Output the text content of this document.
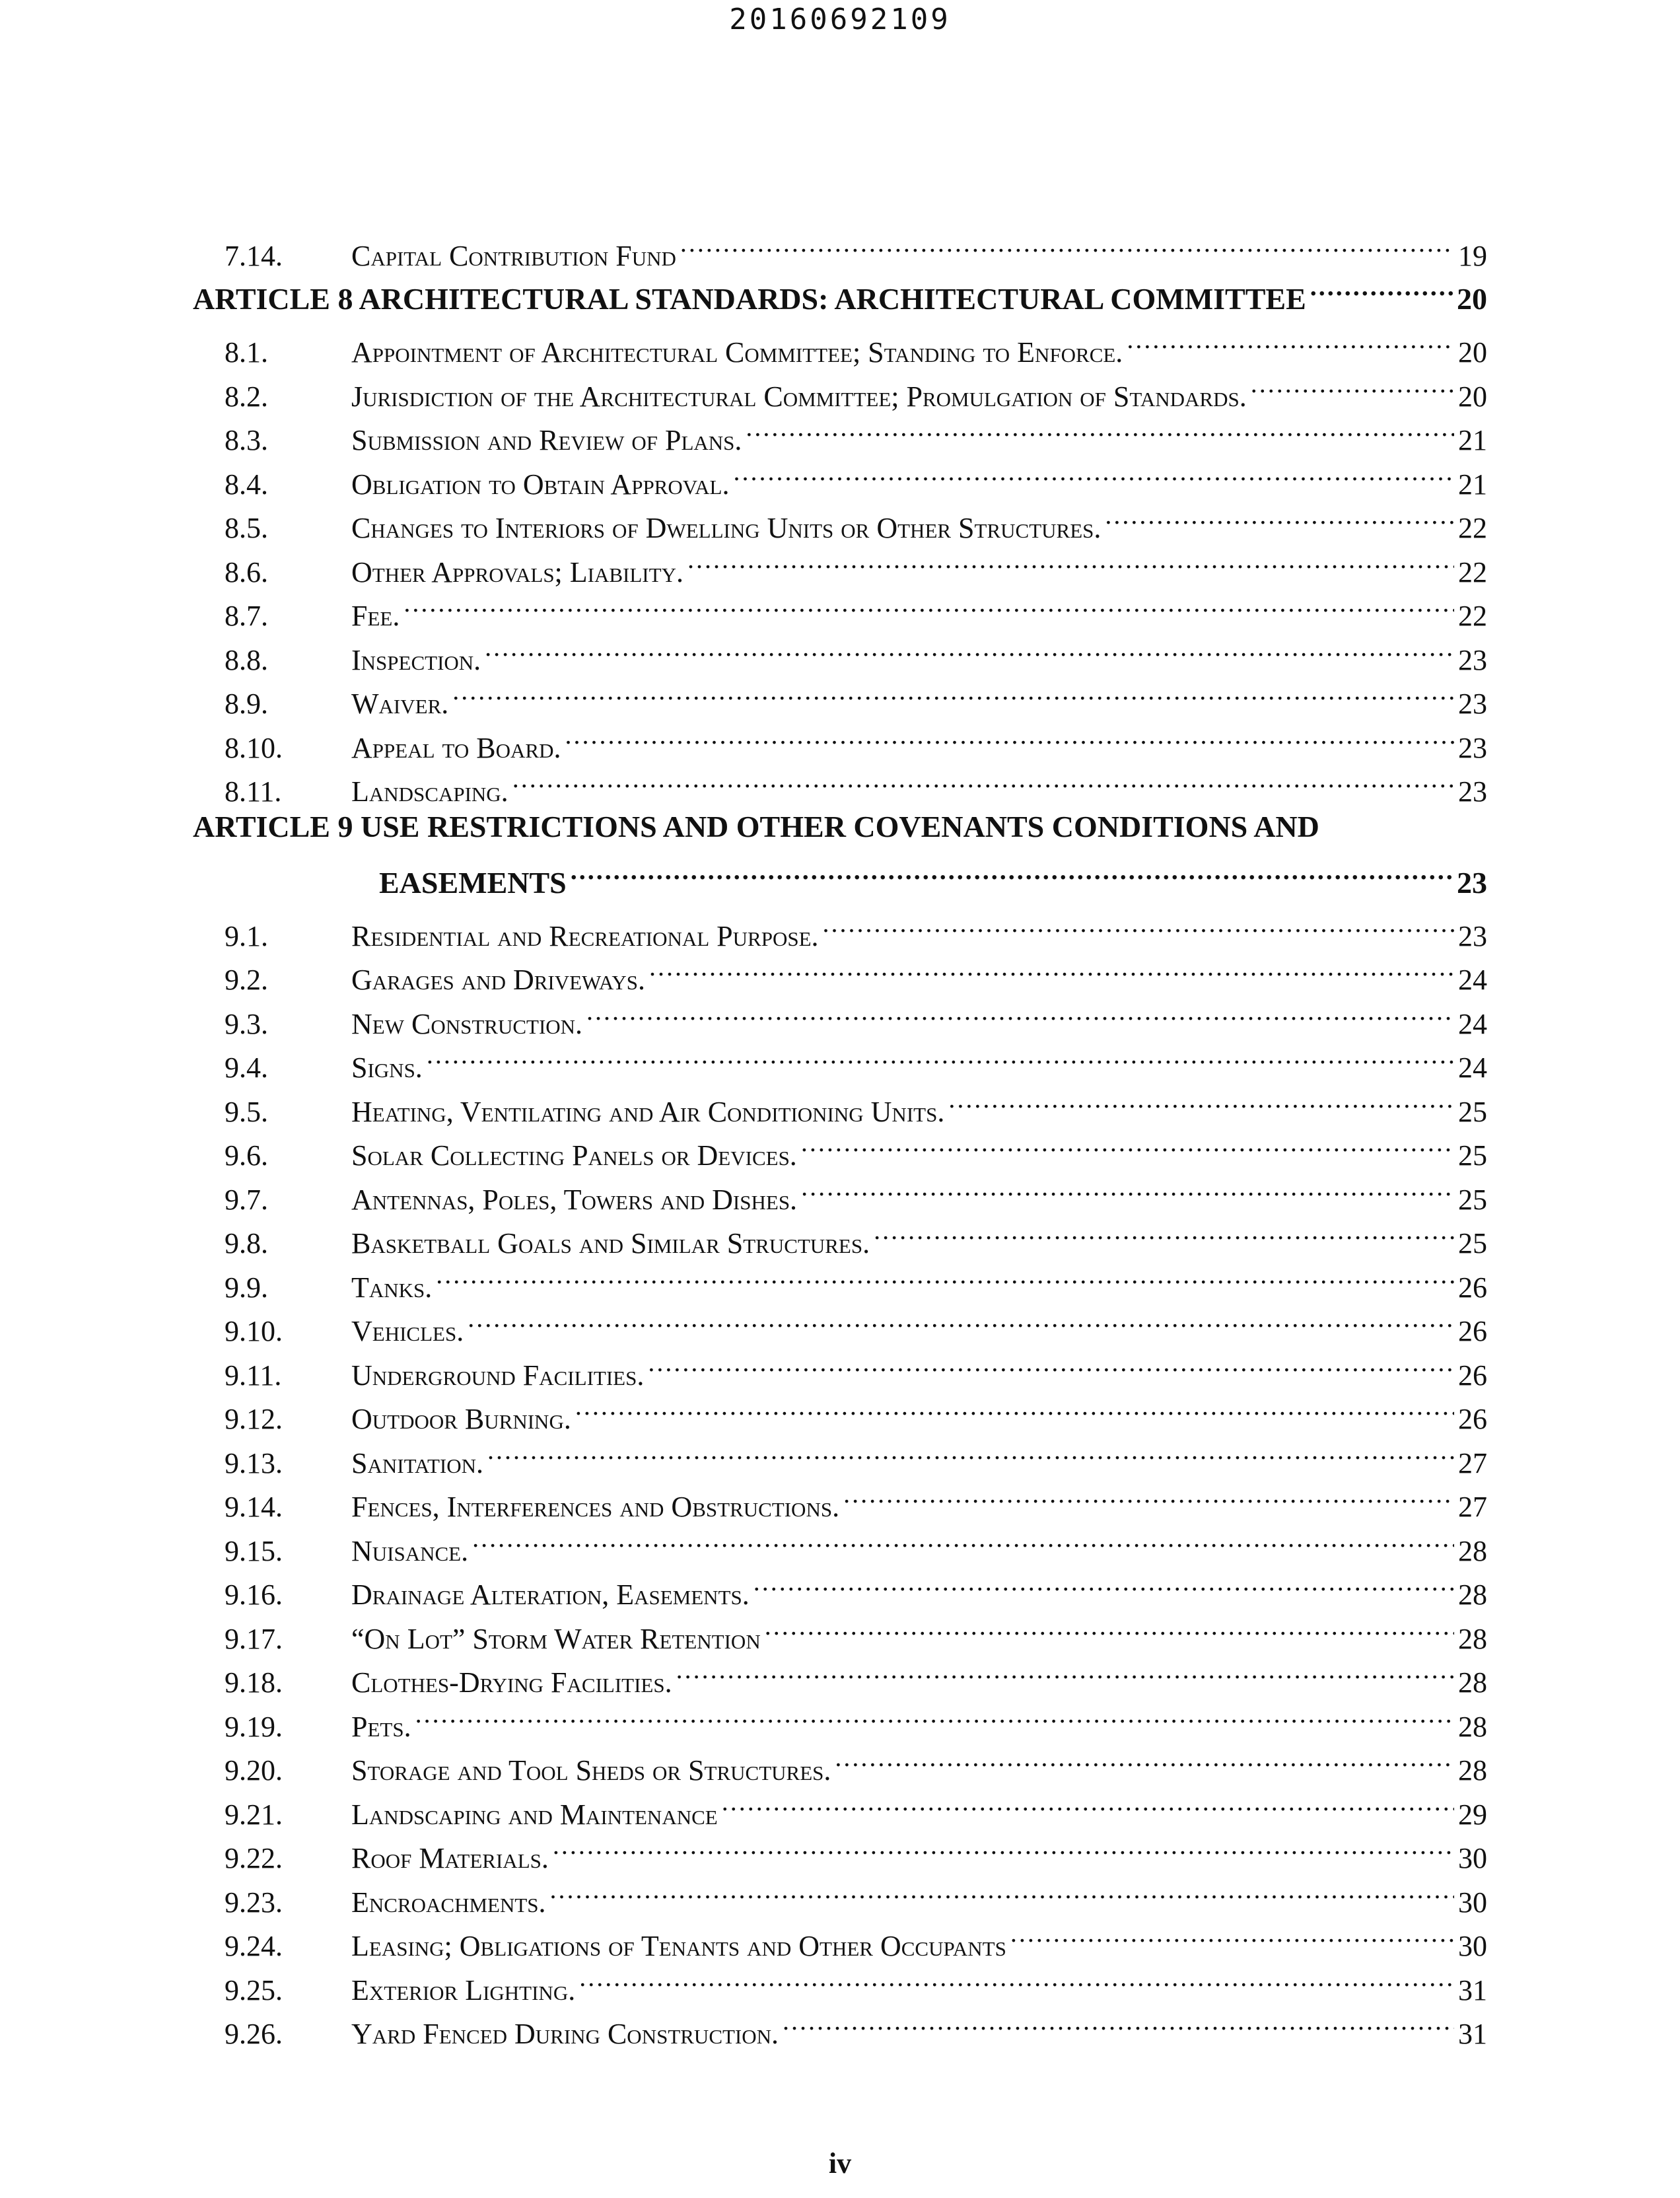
20160692109
7.14.	Capital Contribution Fund .....	19
ARTICLE 8 ARCHITECTURAL STANDARDS: ARCHITECTURAL COMMITTEE .....	20
8.1.	Appointment of Architectural Committee; Standing to Enforce. .....	20
8.2.	Jurisdiction of the Architectural Committee; Promulgation of Standards. .....	20
8.3.	Submission and Review of Plans. .....	21
8.4.	Obligation to Obtain Approval. .....	21
8.5.	Changes to Interiors of Dwelling Units or Other Structures. .....	22
8.6.	Other Approvals; Liability. .....	22
8.7.	Fee. .....	22
8.8.	Inspection. .....	23
8.9.	Waiver. .....	23
8.10.	Appeal to Board. .....	23
8.11.	Landscaping. .....	23
ARTICLE 9 USE RESTRICTIONS AND OTHER COVENANTS CONDITIONS AND
EASEMENTS .....	23
9.1.	Residential and Recreational Purpose. .....	23
9.2.	Garages and Driveways. .....	24
9.3.	New Construction. .....	24
9.4.	Signs. .....	24
9.5.	Heating, Ventilating and Air Conditioning Units. .....	25
9.6.	Solar Collecting Panels or Devices. .....	25
9.7.	Antennas, Poles, Towers and Dishes. .....	25
9.8.	Basketball Goals and Similar Structures. .....	25
9.9.	Tanks. .....	26
9.10.	Vehicles. .....	26
9.11.	Underground Facilities. .....	26
9.12.	Outdoor Burning. .....	26
9.13.	Sanitation. .....	27
9.14.	Fences, Interferences and Obstructions. .....	27
9.15.	Nuisance. .....	28
9.16.	Drainage Alteration, Easements. .....	28
9.17.	“On Lot” Storm Water Retention .....	28
9.18.	Clothes-Drying Facilities. .....	28
9.19.	Pets. .....	28
9.20.	Storage and Tool Sheds or Structures. .....	28
9.21.	Landscaping and Maintenance .....	29
9.22.	Roof Materials. .....	30
9.23.	Encroachments. .....	30
9.24.	Leasing; Obligations of Tenants and Other Occupants .....	30
9.25.	Exterior Lighting. .....	31
9.26.	Yard Fenced During Construction. .....	31
iv
